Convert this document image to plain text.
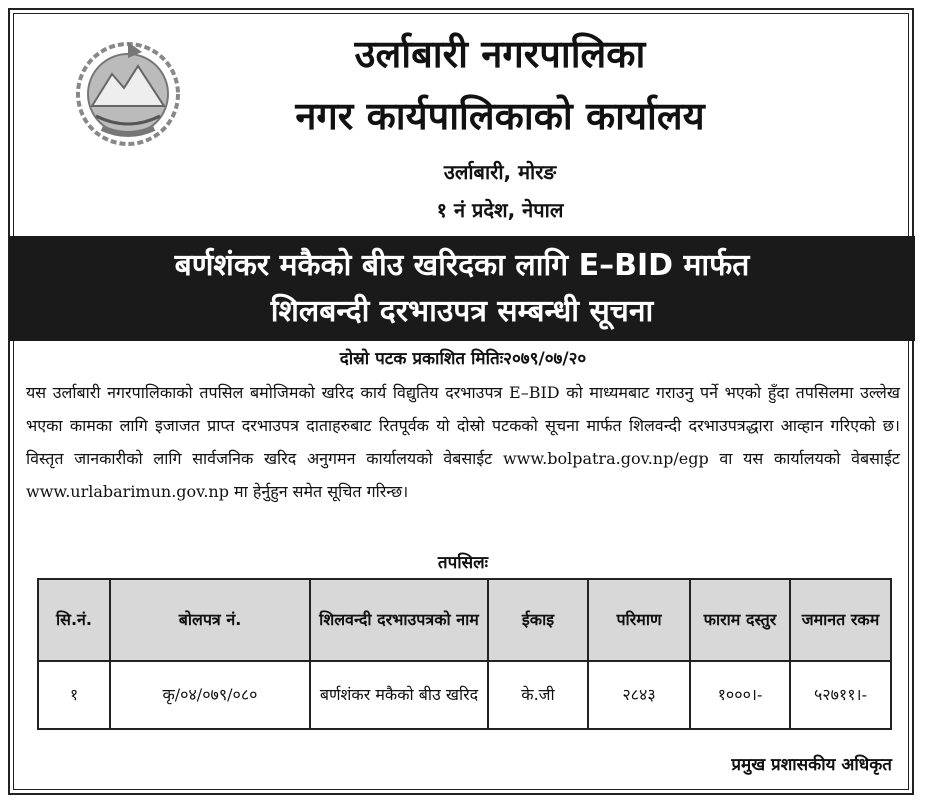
उर्लाबारी नगरपालिका
नगर कार्यपालिकाको कार्यालय
उर्लाबारी, मोरङ
१ नं प्रदेश, नेपाल
बर्णशंकर मकैको बीउ खरिदका लागि E–BID मार्फत
शिलबन्दी दरभाउपत्र सम्बन्धी सूचना
दोस्रो पटक प्रकाशित मितिः२०७९/०७/२०
यस उर्लाबारी नगरपालिकाको तपसिल बमोजिमको खरिद कार्य विद्युतिय दरभाउपत्र E–BID को माध्यमबाट गराउनु पर्ने भएको हुँदा तपसिलमा उल्लेख भएका कामका लागि इजाजत प्राप्त दरभाउपत्र दाताहरुबाट रितपूर्वक यो दोस्रो पटकको सूचना मार्फत शिलवन्दी दरभाउपत्रद्धारा आव्हान गरिएको छ। विस्तृत जानकारीको लागि सार्वजनिक खरिद अनुगमन कार्यालयको वेबसाईट www.bolpatra.gov.np/egp वा यस कार्यालयको वेबसाईट www.urlabarimun.gov.np मा हेर्नुहुन समेत सूचित गरिन्छ।
तपसिलः
सि.नं.	बोलपत्र नं.	शिलवन्दी दरभाउपत्रको नाम	ईकाइ	परिमाण	फाराम दस्तुर	जमानत रकम
१	कृ/०४/०७९/०८०	बर्णशंकर मकैको बीउ खरिद	के.जी	२८४३	१०००।-	५२७११।-
प्रमुख प्रशासकीय अधिकृत
